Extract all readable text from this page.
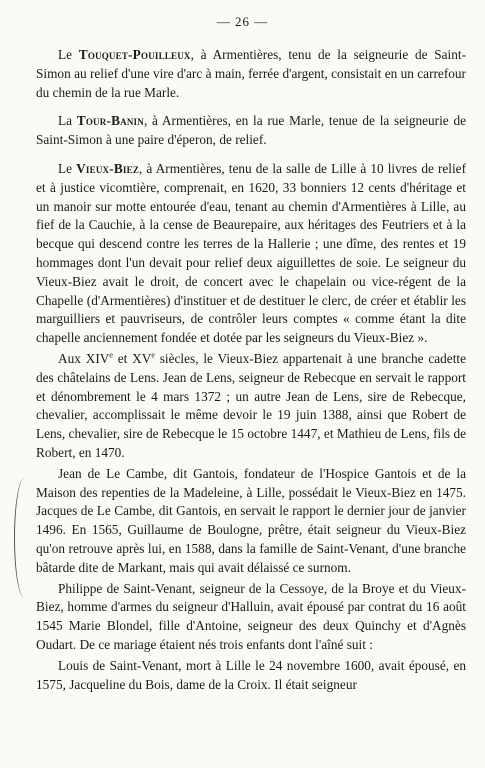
— 26 —

Le Touquet-Pouilleux, à Armentières, tenu de la seigneurie de Saint-Simon au relief d'une vire d'arc à main, ferrée d'argent, consistait en un carrefour du chemin de la rue Marle.

La Tour-Banin, à Armentières, en la rue Marle, tenue de la seigneurie de Saint-Simon à une paire d'éperon, de relief.

Le Vieux-Biez, à Armentières, tenu de la salle de Lille à 10 livres de relief et à justice vicomtière, comprenait, en 1620, 33 bonniers 12 cents d'héritage et un manoir sur motte entourée d'eau, tenant au chemin d'Armentières à Lille, au fief de la Cauchie, à la cense de Beaurepaire, aux héritages des Feutriers et à la becque qui descend contre les terres de la Hallerie ; une dîme, des rentes et 19 hommages dont l'un devait pour relief deux aiguillettes de soie. Le seigneur du Vieux-Biez avait le droit, de concert avec le chapelain ou vice-régent de la Chapelle (d'Armentières) d'instituer et de destituer le clerc, de créer et établir les marguilliers et pauvriseurs, de contrôler leurs comptes « comme étant la dite chapelle anciennement fondée et dotée par les seigneurs du Vieux-Biez ».

Aux XIVe et XVe siècles, le Vieux-Biez appartenait à une branche cadette des châtelains de Lens. Jean de Lens, seigneur de Rebecque en servait le rapport et dénombrement le 4 mars 1372 ; un autre Jean de Lens, sire de Rebecque, chevalier, accomplissait le même devoir le 19 juin 1388, ainsi que Robert de Lens, chevalier, sire de Rebecque le 15 octobre 1447, et Mathieu de Lens, fils de Robert, en 1470.

Jean de Le Cambe, dit Gantois, fondateur de l'Hospice Gantois et de la Maison des repenties de la Madeleine, à Lille, possédait le Vieux-Biez en 1475. Jacques de Le Cambe, dit Gantois, en servait le rapport le dernier jour de janvier 1496. En 1565, Guillaume de Boulogne, prêtre, était seigneur du Vieux-Biez qu'on retrouve après lui, en 1588, dans la famille de Saint-Venant, d'une branche bâtarde dite de Markant, mais qui avait délaissé ce surnom.

Philippe de Saint-Venant, seigneur de la Cessoye, de la Broye et du Vieux-Biez, homme d'armes du seigneur d'Halluin, avait épousé par contrat du 16 août 1545 Marie Blondel, fille d'Antoine, seigneur des deux Quinchy et d'Agnès Oudart. De ce mariage étaient nés trois enfants dont l'aîné suit :

Louis de Saint-Venant, mort à Lille le 24 novembre 1600, avait épousé, en 1575, Jacqueline du Bois, dame de la Croix. Il était seigneur
